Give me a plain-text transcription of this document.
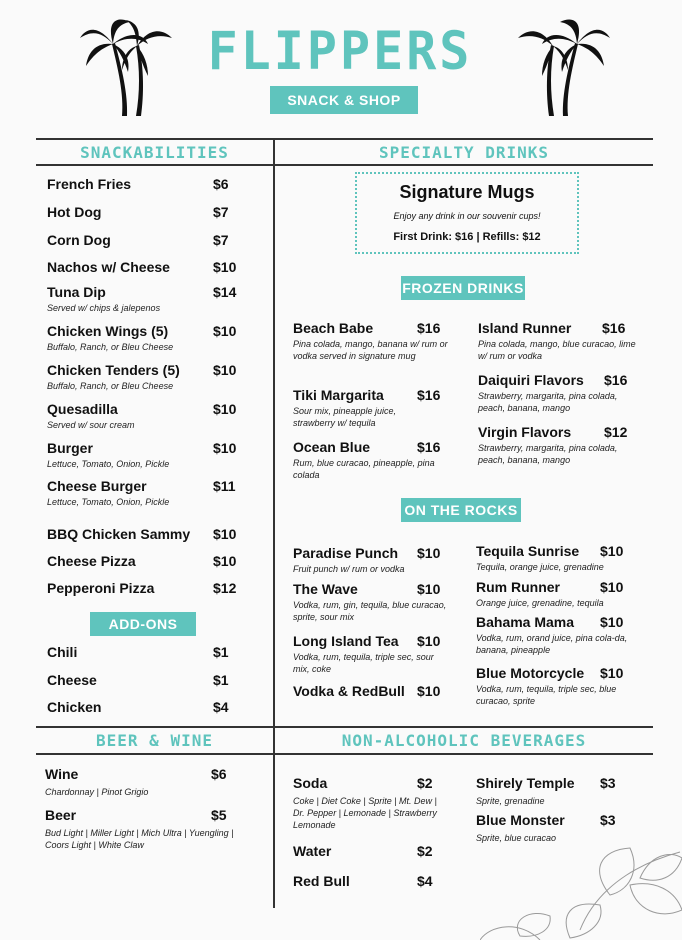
FLIPPERS
SNACK & SHOP
SNACKABILITIES	SPECIALTY DRINKS
BEER & WINE	NON-ALCOHOLIC BEVERAGES
Signature Mugs
Enjoy any drink in our souvenir cups!
First Drink: $16 | Refills: $12
FROZEN DRINKS
ON THE ROCKS
ADD-ONS
French Fries	$6
Hot Dog	$7
Corn Dog	$7
Nachos w/ Cheese	$10
Tuna Dip	$14
Served w/ chips & jalepenos
Chicken Wings (5)	$10
Buffalo, Ranch, or Bleu Cheese
Chicken Tenders (5) $10
Buffalo, Ranch, or Bleu Cheese
Quesadilla	$10
Served w/ sour cream
Burger	$10
Lettuce, Tomato, Onion, Pickle
Cheese Burger	$11
Lettuce, Tomato, Onion, Pickle
BBQ Chicken Sammy $10
Cheese Pizza	$10
Pepperoni Pizza	$12
Chili	$1
Cheese	$1
Chicken	$4
Wine	$6
Chardonnay | Pinot Grigio
Beer	$5
Bud Light | Miller Light | Mich Ultra | Yuengling | Coors Light | White Claw
Beach Babe	$16
Pina colada, mango, banana w/ rum or vodka served in signature mug
Tiki Margarita $16
Sour mix, pineapple juice, strawberry w/ tequila
Ocean Blue	$16
Rum, blue curacao, pineapple, pina colada
Island Runner $16
Pina colada, mango, blue curacao, lime w/ rum or vodka
Daiquiri Flavors $16
Strawberry, margarita, pina colada, peach, banana, mango
Virgin Flavors $12
Strawberry, margarita, pina colada, peach, banana, mango
Paradise Punch $10
Fruit punch w/ rum or vodka
The Wave	$10
Vodka, rum, gin, tequila, blue curacao, sprite, sour mix
Long Island Tea $10
Vodka, rum, tequila, triple sec, sour mix, coke
Vodka & RedBull $10
Tequila Sunrise $10
Tequila, orange juice, grenadine
Rum Runner	$10
Orange juice, grenadine, tequila
Bahama Mama $10
Vodka, rum, orand juice, pina cola-da, banana, pineapple
Blue Motorcycle $10
Vodka, rum, tequila, triple sec, blue curacao, sprite
Soda	$2
Coke | Diet Coke | Sprite | Mt. Dew | Dr. Pepper | Lemonade | Strawberry Lemonade
Water	$2
Red Bull	$4
Shirely Temple $3
Sprite, grenadine
Blue Monster	$3
Sprite, blue curacao
